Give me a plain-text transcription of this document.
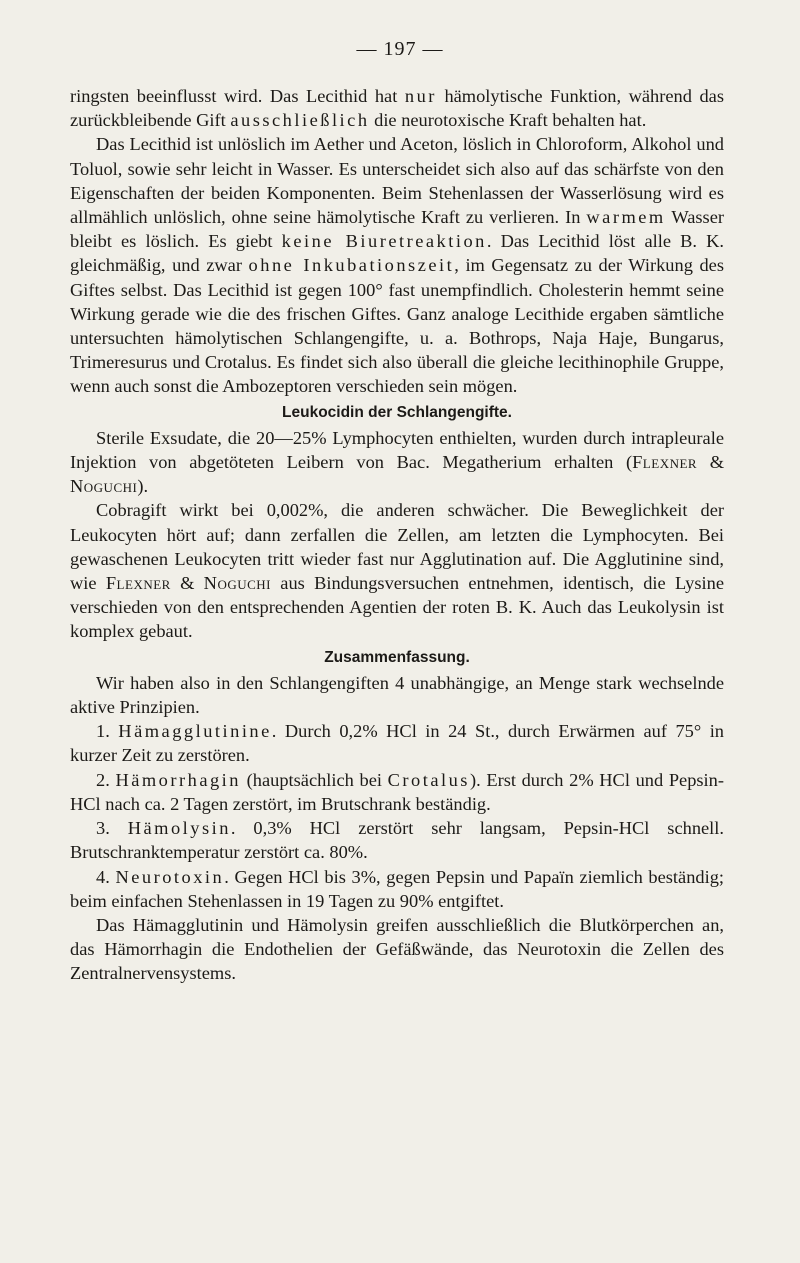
— 197 —

ringsten beeinflusst wird. Das Lecithid hat nur hämolytische Funktion, während das zurückbleibende Gift ausschließlich die neurotoxische Kraft behalten hat.

Das Lecithid ist unlöslich im Aether und Aceton, löslich in Chloroform, Alkohol und Toluol, sowie sehr leicht in Wasser. Es unterscheidet sich also auf das schärfste von den Eigenschaften der beiden Komponenten. Beim Stehenlassen der Wasserlösung wird es allmählich unlöslich, ohne seine hämolytische Kraft zu verlieren. In warmem Wasser bleibt es löslich. Es giebt keine Biuretreaktion. Das Lecithid löst alle B. K. gleichmäßig, und zwar ohne Inkubationszeit, im Gegensatz zu der Wirkung des Giftes selbst. Das Lecithid ist gegen 100° fast unempfindlich. Cholesterin hemmt seine Wirkung gerade wie die des frischen Giftes. Ganz analoge Lecithide ergaben sämtliche untersuchten hämolytischen Schlangengifte, u. a. Bothrops, Naja Haje, Bungarus, Trimeresurus und Crotalus. Es findet sich also überall die gleiche lecithinophile Gruppe, wenn auch sonst die Ambozeptoren verschieden sein mögen.

Leukocidin der Schlangengifte.

Sterile Exsudate, die 20—25% Lymphocyten enthielten, wurden durch intrapleurale Injektion von abgetöteten Leibern von Bac. Megatherium erhalten (Flexner & Noguchi).

Cobragift wirkt bei 0,002%, die anderen schwächer. Die Beweglichkeit der Leukocyten hört auf; dann zerfallen die Zellen, am letzten die Lymphocyten. Bei gewaschenen Leukocyten tritt wieder fast nur Agglutination auf. Die Agglutinine sind, wie Flexner & Noguchi aus Bindungsversuchen entnehmen, identisch, die Lysine verschieden von den entsprechenden Agentien der roten B. K. Auch das Leukolysin ist komplex gebaut.

Zusammenfassung.

Wir haben also in den Schlangengiften 4 unabhängige, an Menge stark wechselnde aktive Prinzipien.

1. Hämagglutinine. Durch 0,2% HCl in 24 St., durch Erwärmen auf 75° in kurzer Zeit zu zerstören.

2. Hämorrhagin (hauptsächlich bei Crotalus). Erst durch 2% HCl und Pepsin-HCl nach ca. 2 Tagen zerstört, im Brutschrank beständig.

3. Hämolysin. 0,3% HCl zerstört sehr langsam, Pepsin-HCl schnell. Brutschranktemperatur zerstört ca. 80%.

4. Neurotoxin. Gegen HCl bis 3%, gegen Pepsin und Papaïn ziemlich beständig; beim einfachen Stehenlassen in 19 Tagen zu 90% entgiftet.

Das Hämagglutinin und Hämolysin greifen ausschließlich die Blutkörperchen an, das Hämorrhagin die Endothelien der Gefäßwände, das Neurotoxin die Zellen des Zentralnervensystems.
